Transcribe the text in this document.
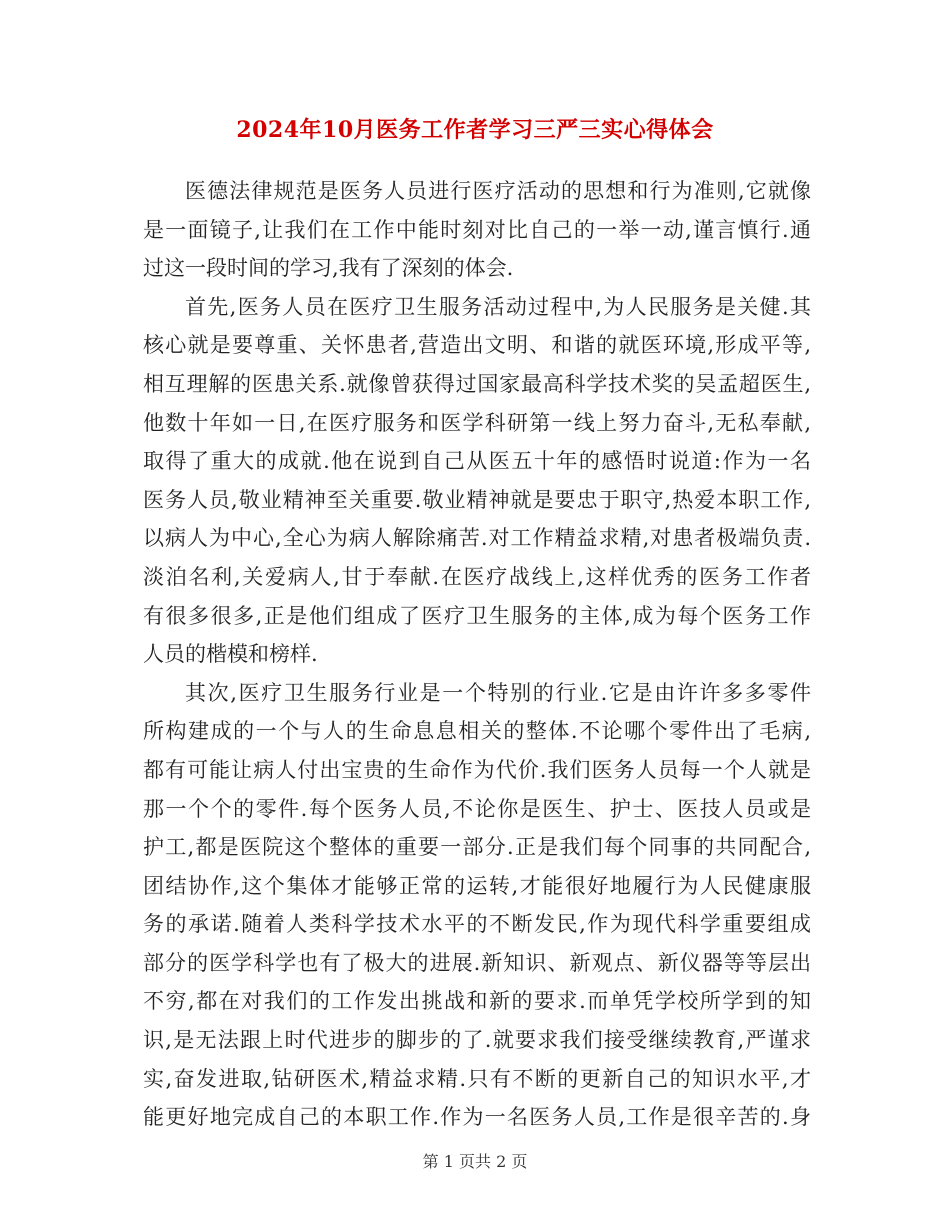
2024年10月医务工作者学习三严三实心得体会
医德法律规范是医务人员进行医疗活动的思想和行为准则,它就像
是一面镜子,让我们在工作中能时刻对比自己的一举一动,谨言慎行.通
过这一段时间的学习,我有了深刻的体会.
首先,医务人员在医疗卫生服务活动过程中,为人民服务是关健.其
核心就是要尊重、关怀患者,营造出文明、和谐的就医环境,形成平等,
相互理解的医患关系.就像曾获得过国家最高科学技术奖的吴孟超医生,
他数十年如一日,在医疗服务和医学科研第一线上努力奋斗,无私奉献,
取得了重大的成就.他在说到自己从医五十年的感悟时说道:作为一名
医务人员,敬业精神至关重要.敬业精神就是要忠于职守,热爱本职工作,
以病人为中心,全心为病人解除痛苦.对工作精益求精,对患者极端负责.
淡泊名利,关爱病人,甘于奉献.在医疗战线上,这样优秀的医务工作者
有很多很多,正是他们组成了医疗卫生服务的主体,成为每个医务工作
人员的楷模和榜样.
其次,医疗卫生服务行业是一个特别的行业.它是由许许多多零件
所构建成的一个与人的生命息息相关的整体.不论哪个零件出了毛病,
都有可能让病人付出宝贵的生命作为代价.我们医务人员每一个人就是
那一个个的零件.每个医务人员,不论你是医生、护士、医技人员或是
护工,都是医院这个整体的重要一部分.正是我们每个同事的共同配合,
团结协作,这个集体才能够正常的运转,才能很好地履行为人民健康服
务的承诺.随着人类科学技术水平的不断发民,作为现代科学重要组成
部分的医学科学也有了极大的进展.新知识、新观点、新仪器等等层出
不穷,都在对我们的工作发出挑战和新的要求.而单凭学校所学到的知
识,是无法跟上时代进步的脚步的了.就要求我们接受继续教育,严谨求
实,奋发进取,钻研医术,精益求精.只有不断的更新自己的知识水平,才
能更好地完成自己的本职工作.作为一名医务人员,工作是很辛苦的.身
第 1 页共 2 页
